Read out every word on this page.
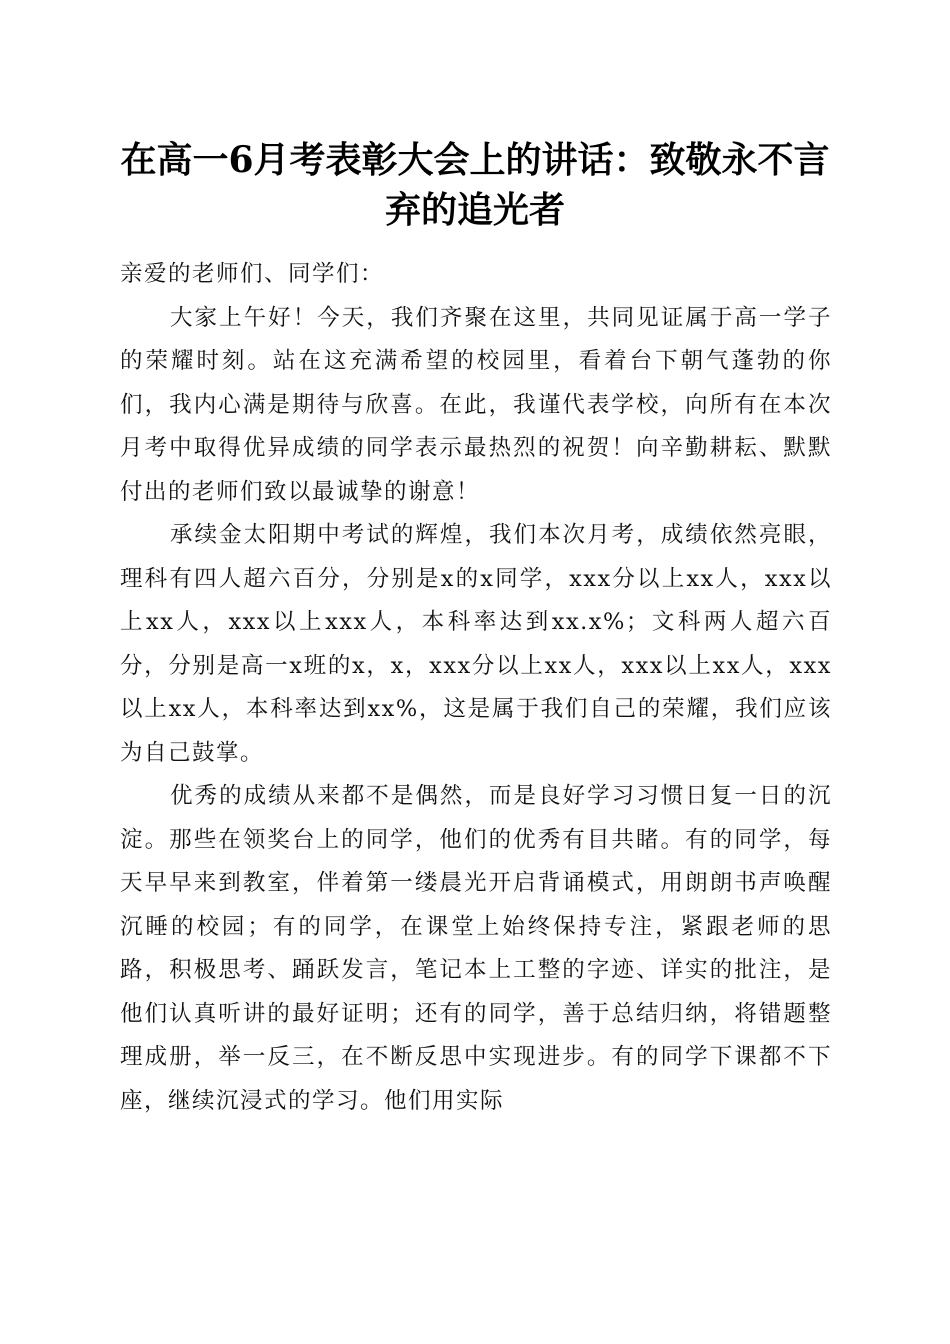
在高一6月考表彰大会上的讲话：致敬永不言
弃的追光者

亲爱的老师们、同学们：

大家上午好！今天，我们齐聚在这里，共同见证属于高一学子的荣耀时刻。站在这充满希望的校园里，看着台下朝气蓬勃的你们，我内心满是期待与欣喜。在此，我谨代表学校，向所有在本次月考中取得优异成绩的同学表示最热烈的祝贺！向辛勤耕耘、默默付出的老师们致以最诚挚的谢意！

承续金太阳期中考试的辉煌，我们本次月考，成绩依然亮眼，理科有四人超六百分，分别是x的x同学，xxx分以上xx人，xxx以上xx人，xxx以上xxx人，本科率达到xx.x%；文科两人超六百分，分别是高一x班的x，x，xxx分以上xx人，xxx以上xx人，xxx以上xx人，本科率达到xx%，这是属于我们自己的荣耀，我们应该为自己鼓掌。

优秀的成绩从来都不是偶然，而是良好学习习惯日复一日的沉淀。那些在领奖台上的同学，他们的优秀有目共睹。有的同学，每天早早来到教室，伴着第一缕晨光开启背诵模式，用朗朗书声唤醒沉睡的校园；有的同学，在课堂上始终保持专注，紧跟老师的思路，积极思考、踊跃发言，笔记本上工整的字迹、详实的批注，是他们认真听讲的最好证明；还有的同学，善于总结归纳，将错题整理成册，举一反三，在不断反思中实现进步。有的同学下课都不下座，继续沉浸式的学习。他们用实际
